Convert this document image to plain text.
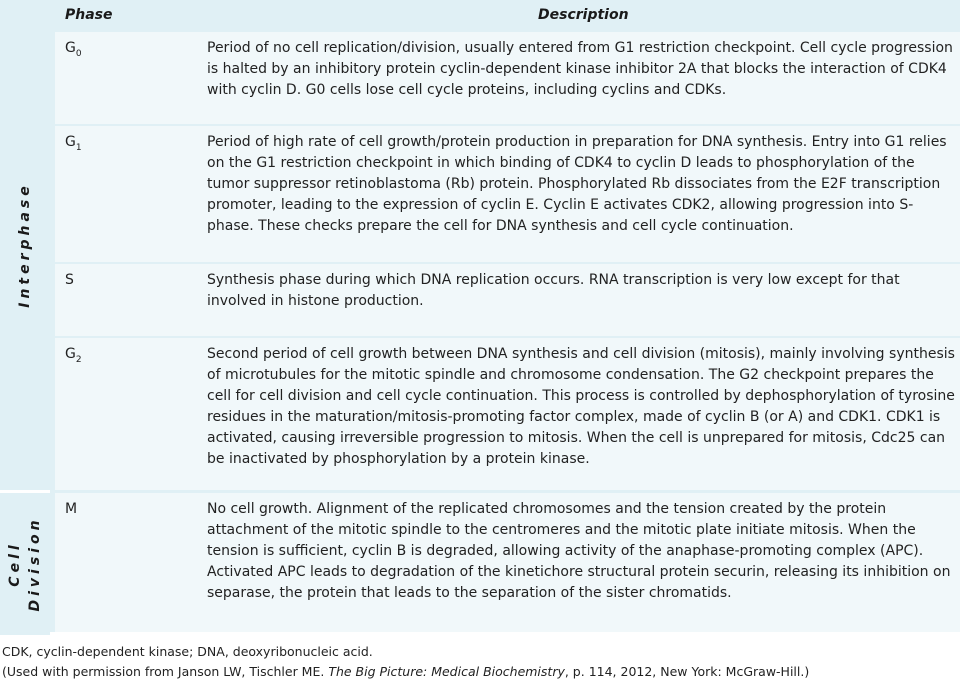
Interphase
Cell Division
Phase	Description
$G_0$	Period of no cell replication/division, usually entered from G1 restriction checkpoint. Cell cycle progression is halted by an inhibitory protein cyclin-dependent kinase inhibitor 2A that blocks the interaction of CDK4 with cyclin D. G0 cells lose cell cycle proteins, including cyclins and CDKs.
$G_1$	Period of high rate of cell growth/protein production in preparation for DNA synthesis. Entry into G1 relies on the G1 restriction checkpoint in which binding of CDK4 to cyclin D leads to phosphorylation of the tumor suppressor retinoblastoma (Rb) protein. Phosphorylated Rb dissociates from the E2F transcription promoter, leading to the expression of cyclin E. Cyclin E activates CDK2, allowing progression into S-phase. These checks prepare the cell for DNA synthesis and cell cycle continuation.
S	Synthesis phase during which DNA replication occurs. RNA transcription is very low except for that involved in histone production.
$G_2$	Second period of cell growth between DNA synthesis and cell division (mitosis), mainly involving synthesis of microtubules for the mitotic spindle and chromosome condensation. The G2 checkpoint prepares the cell for cell division and cell cycle continuation. This process is controlled by dephosphorylation of tyrosine residues in the maturation/mitosis-promoting factor complex, made of cyclin B (or A) and CDK1. CDK1 is activated, causing irreversible progression to mitosis. When the cell is unprepared for mitosis, Cdc25 can be inactivated by phosphorylation by a protein kinase.
M	No cell growth. Alignment of the replicated chromosomes and the tension created by the protein attachment of the mitotic spindle to the centromeres and the mitotic plate initiate mitosis. When the tension is sufficient, cyclin B is degraded, allowing activity of the anaphase-promoting complex (APC). Activated APC leads to degradation of the kinetichore structural protein securin, releasing its inhibition on separase, the protein that leads to the separation of the sister chromatids.
CDK, cyclin-dependent kinase; DNA, deoxyribonucleic acid.
(Used with permission from Janson LW, Tischler ME. The Big Picture: Medical Biochemistry, p. 114, 2012, New York: McGraw-Hill.)
